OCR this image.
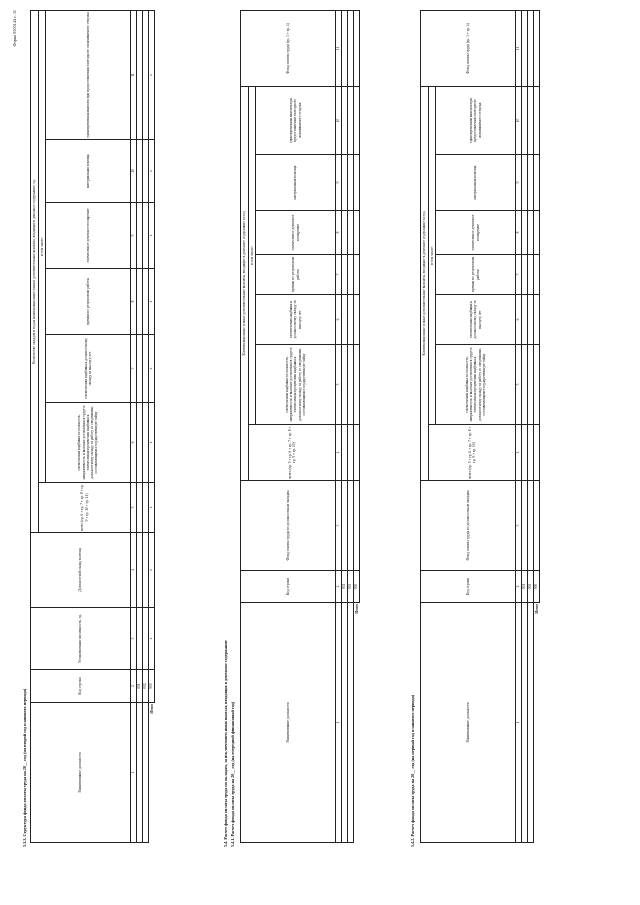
Форма 0505144 с. 11
5.3.3. Структура фонда оплаты труда на 20__ год (на второй год планового периода)	Наименование должности	Код строки	Установленная численность, ед.	Должностной оклад в месяц	Количество окладов в год на компенсационные и иные дополнительные выплаты, входящие в денежное содержание, ед.						
				всего (гр. 6 + гр. 7 + гр. 8 + гр. 9 + гр. 10 + гр. 11)	в том числе:					
					ежемесячная надбавка за сложность, напряженность и высокие достижения в труде и ежемесячная процентная надбавка к должностному окладу за работу со сведениями, составляющими государственную тайну	ежемесячная надбавка к должностному окладу за выслугу лет	премии по результатам работы	ежемесячное денежное поощрение	материальная помощь	единовременная выплата при предоставлении ежегодного оплачиваемого отпуска
1	2	3	4	5	6	7	8	9	10	11
	001									
	002									
Итого	900	x	x	x	x	x	x	x	x	x
5.4. Расчет фонда оплаты труда по окладам, за исключением иных выплат, входящих в денежное содержание 5.4.1. Расчет фонда оплаты труда на 20__ год (на очередной финансовый год)	Наименование должности	Код строки	Фонд оплаты труда по должностным окладам	Компенсационные и иные дополнительные выплаты, входящие в денежное содержание за год							Фонд оплаты труда (гр. 3 + гр. 4)
			всего (гр. 5 + гр. 6 + гр. 7 + гр. 8 + гр. 9 + гр. 10)	в том числе:						
				ежемесячная надбавка за сложность, напряженность и высокие достижения в труде и ежемесячная процентная надбавка к должностному окладу за работу со сведениями, составляющими государственную тайну	ежемесячная надбавка к должностному окладу за выслугу лет	премии по результатам работы	ежемесячное денежное поощрение	материальная помощь	единовременная выплата при предоставлении ежегодного оплачиваемого отпуска	
1	2	3	4	5	6	7	8	9	10	11
	001									
	002									
Итого	900									
5.4.2. Расчет фонда оплаты труда на 20__ год (на первый год планового периода)	Наименование должности	Код строки	Фонд оплаты труда по должностным окладам	Компенсационные и иные дополнительные выплаты, входящие в денежное содержание за год							Фонд оплаты труда (гр. 3 + гр. 4)
			всего (гр. 5 + гр. 6 + гр. 7 + гр. 8 + гр. 9 + гр. 10)	в том числе:						
				ежемесячная надбавка за сложность, напряженность и высокие достижения в труде и ежемесячная процентная надбавка к должностному окладу за работу со сведениями, составляющими государственную тайну	ежемесячная надбавка к должностному окладу за выслугу лет	премии по результатам работы	ежемесячное денежное поощрение	материальная помощь	единовременная выплата при предоставлении ежегодного оплачиваемого отпуска	
1	2	3	4	5	6	7	8	9	10	11
	001									
	002									
Итого	900									
